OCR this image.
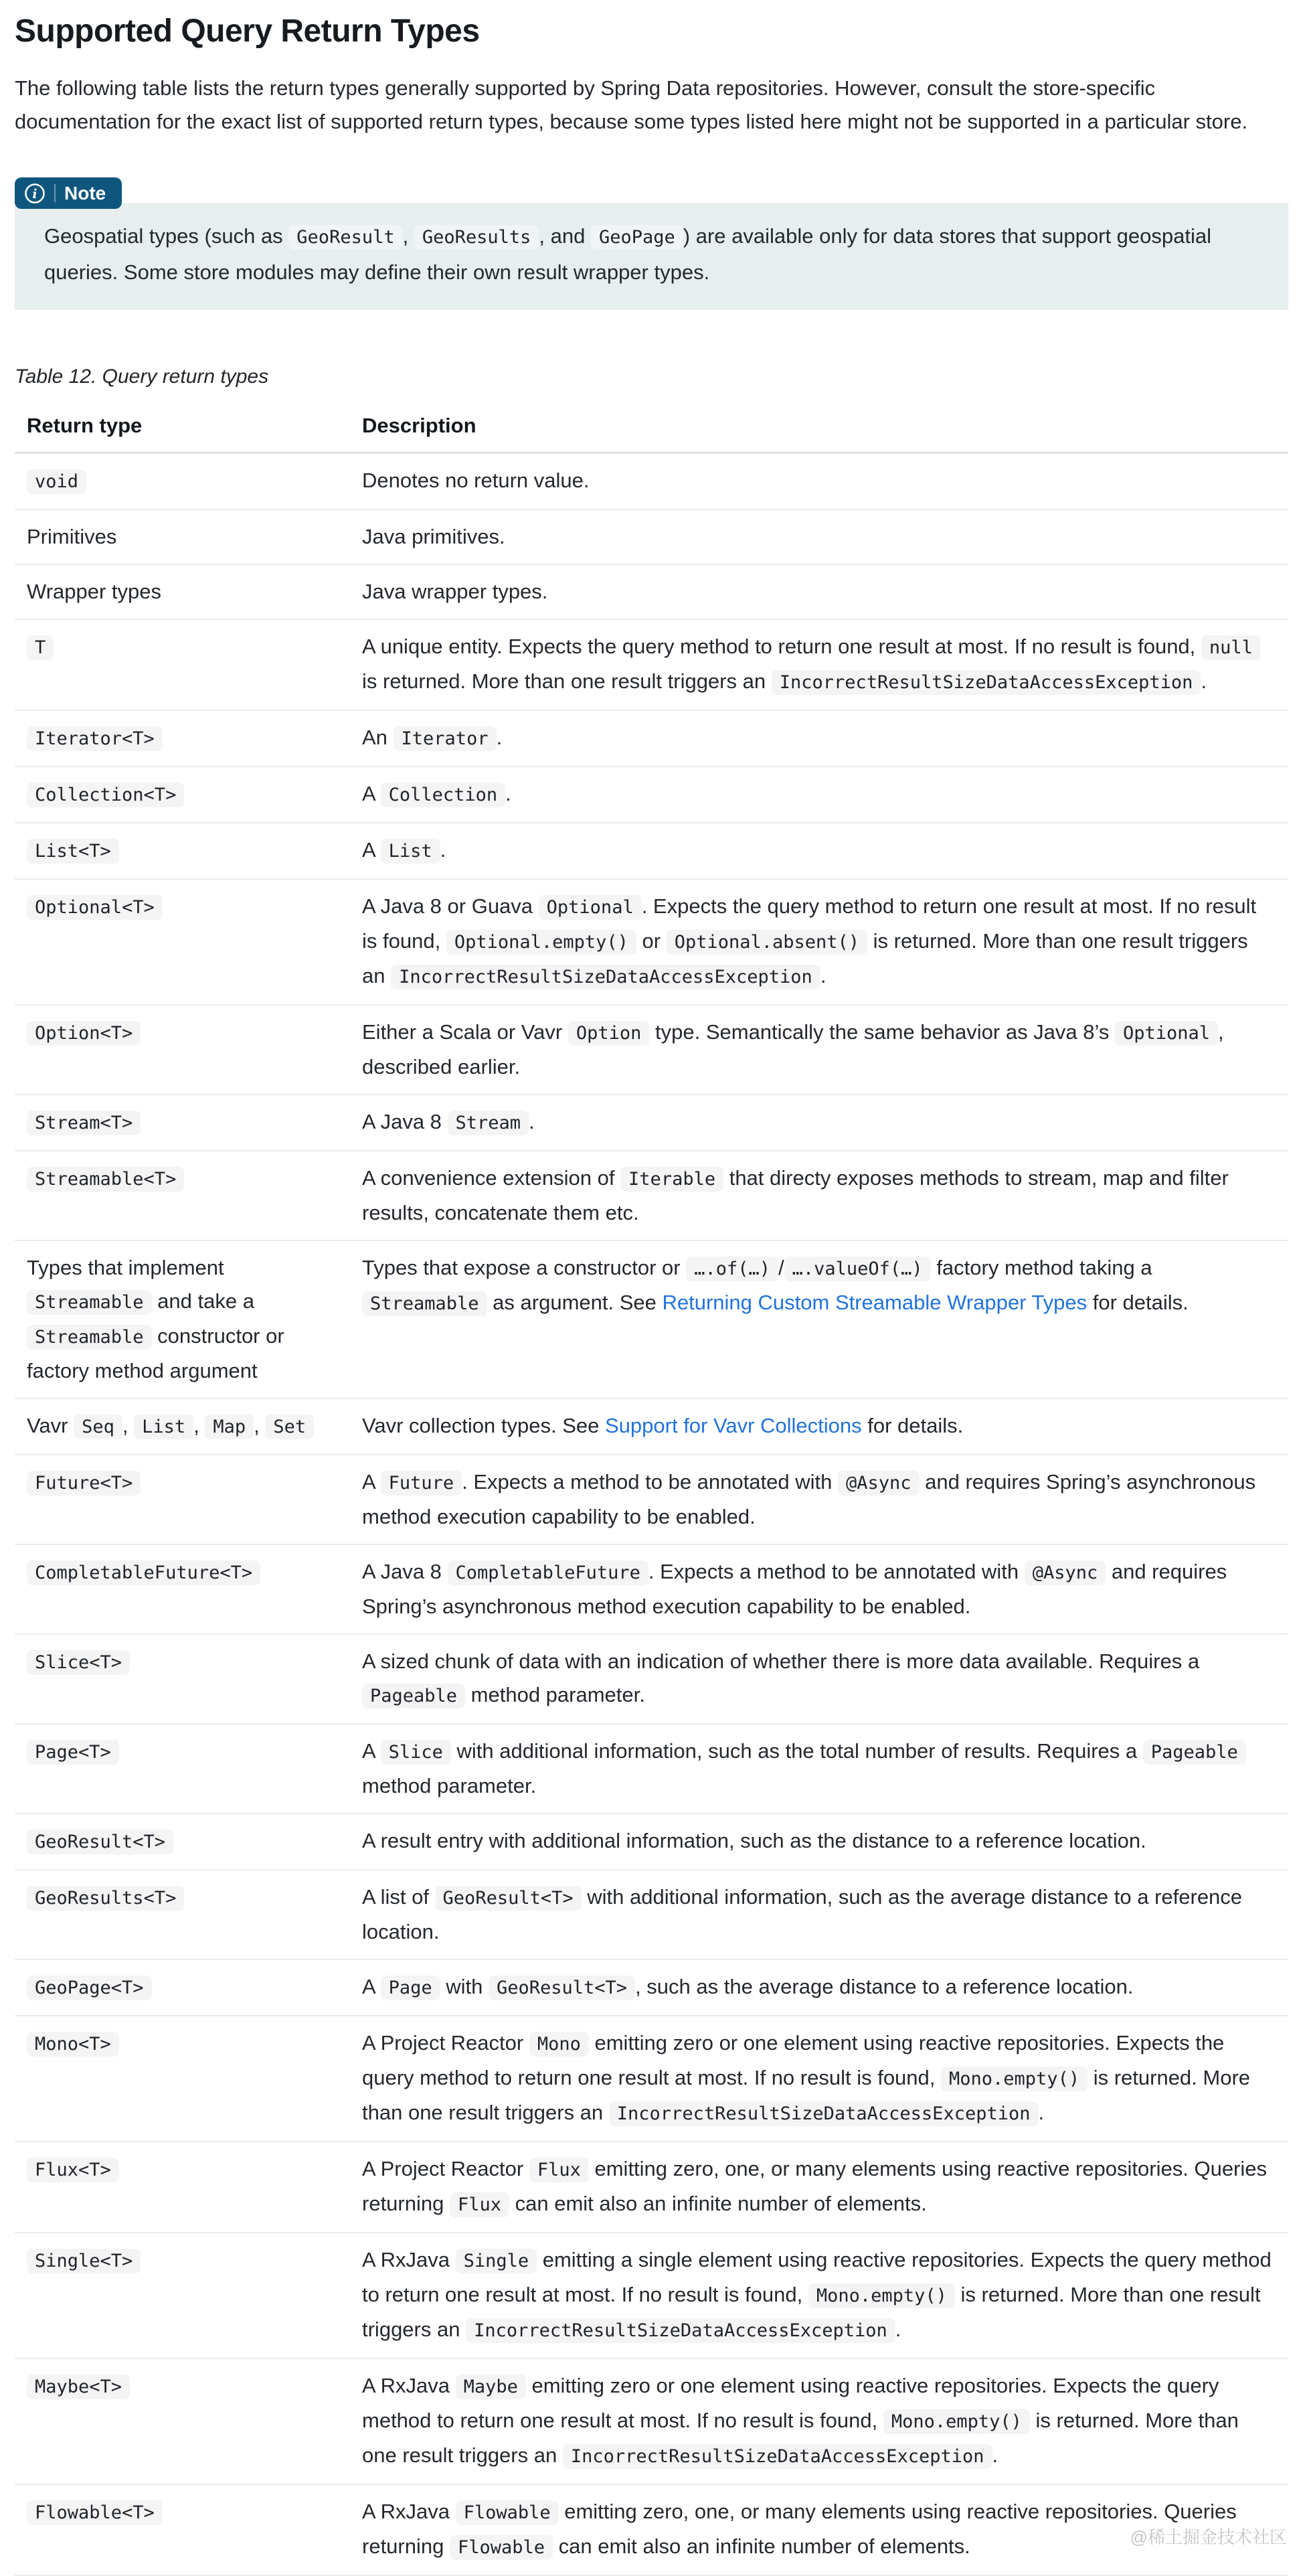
Supported Query Return Types

The following table lists the return types generally supported by Spring Data repositories. However, consult the store-specific documentation for the exact list of supported return types, because some types listed here might not be supported in a particular store.

i Note
Geospatial types (such as GeoResult , GeoResults , and GeoPage ) are available only for data stores that support geospatial queries. Some store modules may define their own result wrapper types.

Table 12. Query return types

Return type	Description
void	Denotes no return value.
Primitives	Java primitives.
Wrapper types	Java wrapper types.
T	A unique entity. Expects the query method to return one result at most. If no result is found, null is returned. More than one result triggers an IncorrectResultSizeDataAccessException .
Iterator<T>	An Iterator .
Collection<T>	A Collection .
List<T>	A List .
Optional<T>	A Java 8 or Guava Optional . Expects the query method to return one result at most. If no result is found, Optional.empty() or Optional.absent() is returned. More than one result triggers an IncorrectResultSizeDataAccessException .
Option<T>	Either a Scala or Vavr Option type. Semantically the same behavior as Java 8’s Optional , described earlier.
Stream<T>	A Java 8 Stream .
Streamable<T>	A convenience extension of Iterable that directy exposes methods to stream, map and filter results, concatenate them etc.
Types that implement Streamable and take a Streamable constructor or factory method argument	Types that expose a constructor or ….of(…) / ….valueOf(…) factory method taking a Streamable as argument. See Returning Custom Streamable Wrapper Types for details.
Vavr Seq , List , Map , Set	Vavr collection types. See Support for Vavr Collections for details.
Future<T>	A Future . Expects a method to be annotated with @Async and requires Spring’s asynchronous method execution capability to be enabled.
CompletableFuture<T>	A Java 8 CompletableFuture . Expects a method to be annotated with @Async and requires Spring’s asynchronous method execution capability to be enabled.
Slice<T>	A sized chunk of data with an indication of whether there is more data available. Requires a Pageable method parameter.
Page<T>	A Slice with additional information, such as the total number of results. Requires a Pageable method parameter.
GeoResult<T>	A result entry with additional information, such as the distance to a reference location.
GeoResults<T>	A list of GeoResult<T> with additional information, such as the average distance to a reference location.
GeoPage<T>	A Page with GeoResult<T> , such as the average distance to a reference location.
Mono<T>	A Project Reactor Mono emitting zero or one element using reactive repositories. Expects the query method to return one result at most. If no result is found, Mono.empty() is returned. More than one result triggers an IncorrectResultSizeDataAccessException .
Flux<T>	A Project Reactor Flux emitting zero, one, or many elements using reactive repositories. Queries returning Flux can emit also an infinite number of elements.
Single<T>	A RxJava Single emitting a single element using reactive repositories. Expects the query method to return one result at most. If no result is found, Mono.empty() is returned. More than one result triggers an IncorrectResultSizeDataAccessException .
Maybe<T>	A RxJava Maybe emitting zero or one element using reactive repositories. Expects the query method to return one result at most. If no result is found, Mono.empty() is returned. More than one result triggers an IncorrectResultSizeDataAccessException .
Flowable<T>	A RxJava Flowable emitting zero, one, or many elements using reactive repositories. Queries returning Flowable can emit also an infinite number of elements.	@稀土掘金技术社区
